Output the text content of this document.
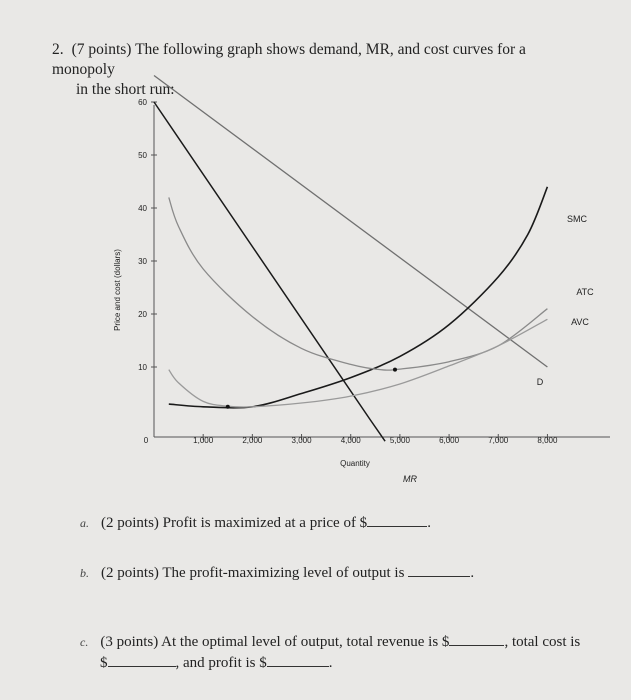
2. (7 points) The following graph shows demand, MR, and cost curves for a monopoly
in the short run:
10
20
30
40
50
60
1,000	2,000	3,000	4,000	5,000	6,000	7,000	8,000
0
Quantity
Price and cost (dollars)
D
MR
SMC
ATC
AVC
a. (2 points) Profit is maximized at a price of $	.
b. (2 points) The profit-maximizing level of output is	.
c. (3 points) At the optimal level of output, total revenue is $	, total cost is
$	, and profit is $	.
